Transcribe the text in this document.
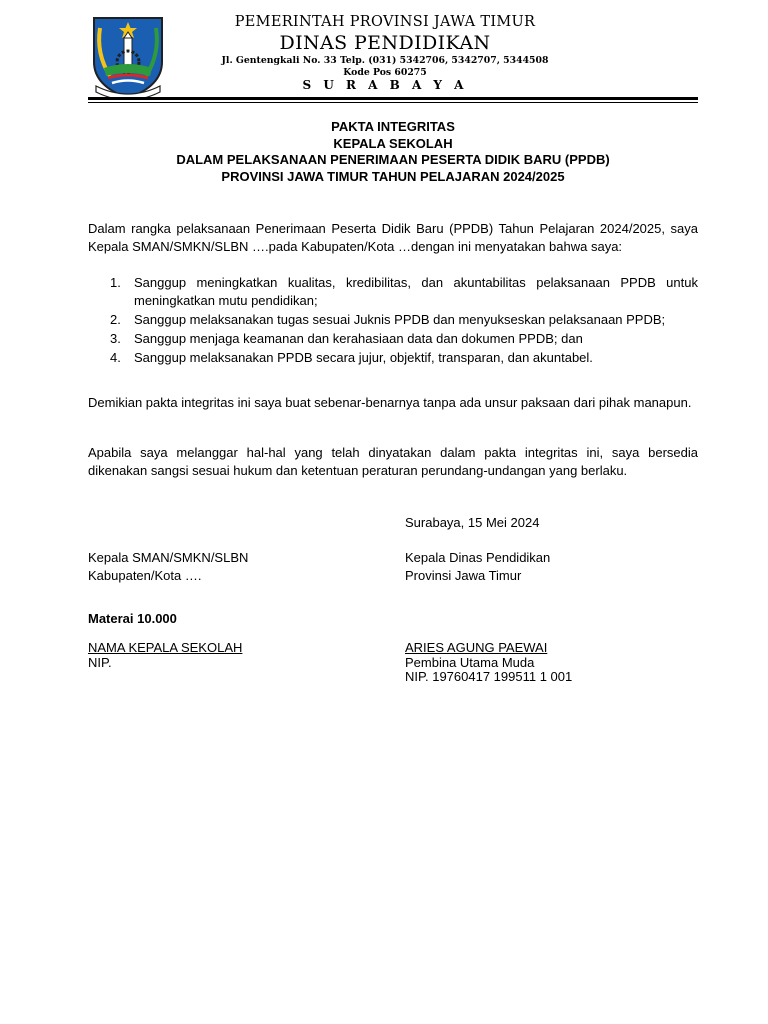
PEMERINTAH PROVINSI JAWA TIMUR
DINAS PENDIDIKAN
Jl. Gentengkali No. 33 Telp. (031) 5342706, 5342707, 5344508
Kode Pos 60275
S U R A B A Y A
PAKTA INTEGRITAS
KEPALA SEKOLAH
DALAM PELAKSANAAN PENERIMAAN PESERTA DIDIK BARU (PPDB)
PROVINSI JAWA TIMUR TAHUN PELAJARAN 2024/2025
Dalam rangka pelaksanaan Penerimaan Peserta Didik Baru (PPDB) Tahun Pelajaran 2024/2025, saya Kepala SMAN/SMKN/SLBN ….pada Kabupaten/Kota …dengan ini menyatakan bahwa saya:
1. Sanggup meningkatkan kualitas, kredibilitas, dan akuntabilitas pelaksanaan PPDB untuk meningkatkan mutu pendidikan;
2. Sanggup melaksanakan tugas sesuai Juknis PPDB dan menyukseskan pelaksanaan PPDB;
3. Sanggup menjaga keamanan dan kerahasiaan data dan dokumen PPDB; dan
4. Sanggup melaksanakan PPDB secara jujur, objektif, transparan, dan akuntabel.
Demikian pakta integritas ini saya buat sebenar-benarnya tanpa ada unsur paksaan dari pihak manapun.
Apabila saya melanggar hal-hal yang telah dinyatakan dalam pakta integritas ini, saya bersedia dikenakan sangsi sesuai hukum dan ketentuan peraturan perundang-undangan yang berlaku.
Surabaya, 15 Mei 2024
Kepala SMAN/SMKN/SLBN
Kabupaten/Kota ….
Kepala Dinas Pendidikan
Provinsi Jawa Timur
Materai 10.000
NAMA KEPALA SEKOLAH
NIP.
ARIES AGUNG PAEWAI
Pembina Utama Muda
NIP. 19760417 199511 1 001
